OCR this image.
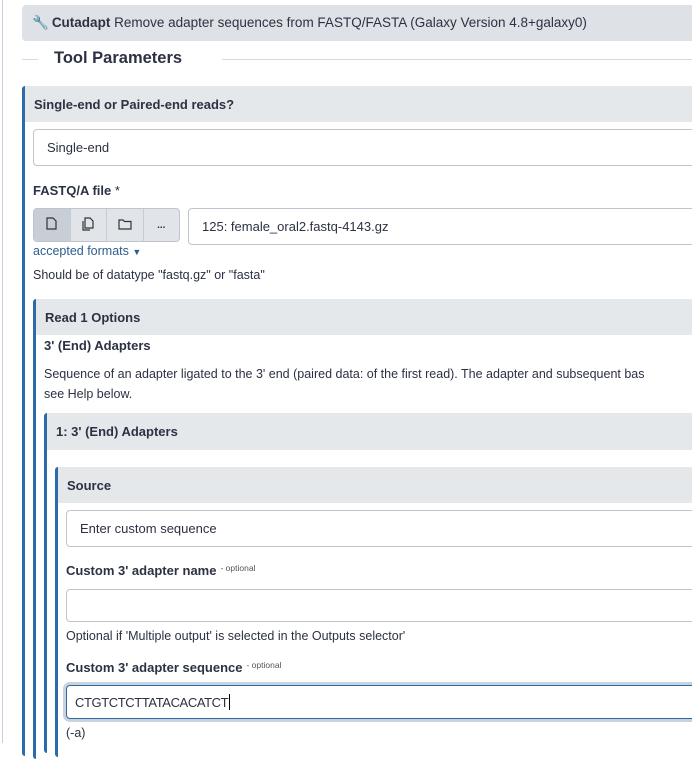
🔧 Cutadapt Remove adapter sequences from FASTQ/FASTA (Galaxy Version 4.8+galaxy0)
Tool Parameters
Single-end or Paired-end reads?
Single-end
FASTQ/A file *
...	125: female_oral2.fastq-4143.gz
accepted formats ▼
Should be of datatype "fastq.gz" or "fasta"
Read 1 Options
3' (End) Adapters
Sequence of an adapter ligated to the 3' end (paired data: of the first read). The adapter and subsequent bas
see Help below.
1: 3' (End) Adapters
Source
Enter custom sequence
Custom 3' adapter name $^{- optional}$
Optional if 'Multiple output' is selected in the Outputs selector'
Custom 3' adapter sequence $^{- optional}$
CTGTCTCTTATACACATCT
(-a)
